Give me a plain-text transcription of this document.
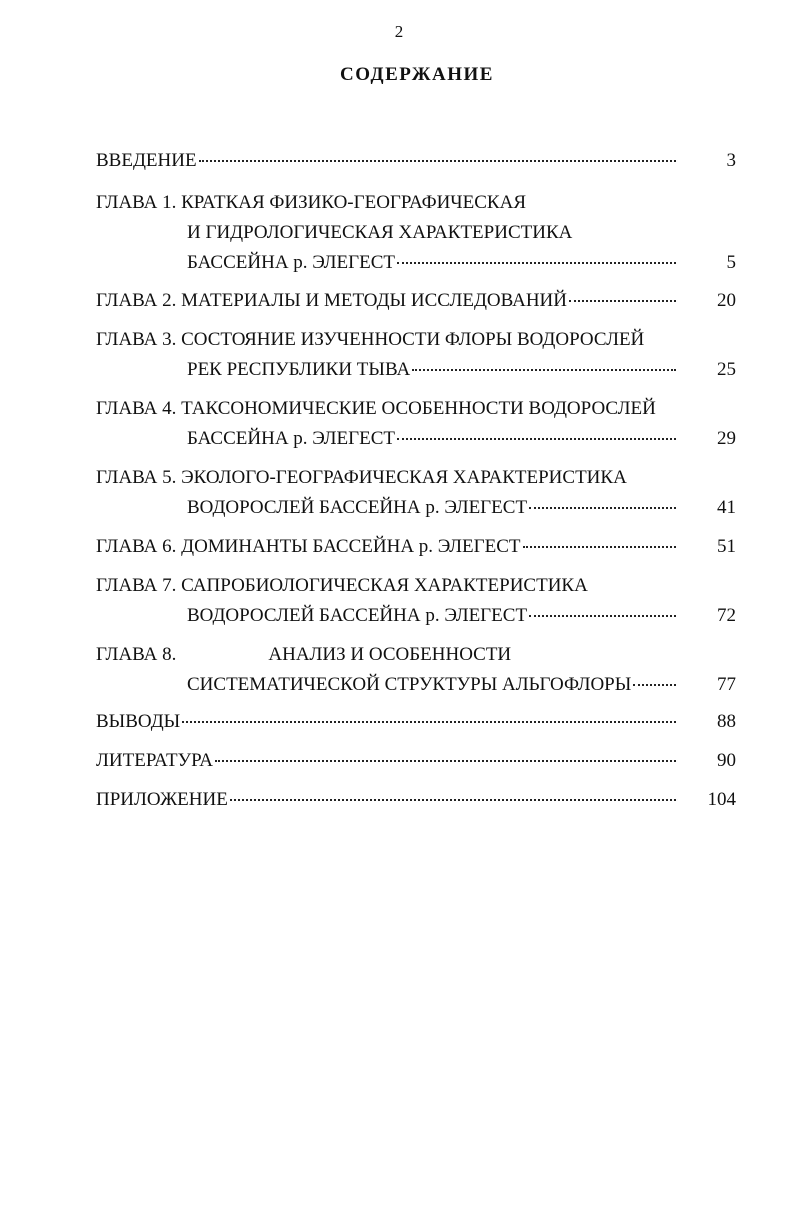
2
СОДЕРЖАНИЕ
ВВЕДЕНИЕ	3
ГЛАВА 1. КРАТКАЯ ФИЗИКО-ГЕОГРАФИЧЕСКАЯ
И ГИДРОЛОГИЧЕСКАЯ ХАРАКТЕРИСТИКА
БАССЕЙНА р. ЭЛЕГЕСТ	5
ГЛАВА 2. МАТЕРИАЛЫ И МЕТОДЫ ИССЛЕДОВАНИЙ	20
ГЛАВА 3. СОСТОЯНИЕ ИЗУЧЕННОСТИ ФЛОРЫ ВОДОРОСЛЕЙ
РЕК РЕСПУБЛИКИ ТЫВА	25
ГЛАВА 4. ТАКСОНОМИЧЕСКИЕ ОСОБЕННОСТИ ВОДОРОСЛЕЙ
БАССЕЙНА р. ЭЛЕГЕСТ	29
ГЛАВА 5. ЭКОЛОГО-ГЕОГРАФИЧЕСКАЯ ХАРАКТЕРИСТИКА
ВОДОРОСЛЕЙ БАССЕЙНА р. ЭЛЕГЕСТ	41
ГЛАВА 6. ДОМИНАНТЫ БАССЕЙНА р. ЭЛЕГЕСТ	51
ГЛАВА 7. САПРОБИОЛОГИЧЕСКАЯ ХАРАКТЕРИСТИКА
ВОДОРОСЛЕЙ БАССЕЙНА р. ЭЛЕГЕСТ	72
ГЛАВА 8.	АНАЛИЗ И ОСОБЕННОСТИ
СИСТЕМАТИЧЕСКОЙ СТРУКТУРЫ АЛЬГОФЛОРЫ	77
ВЫВОДЫ	88
ЛИТЕРАТУРА	90
ПРИЛОЖЕНИЕ	104
